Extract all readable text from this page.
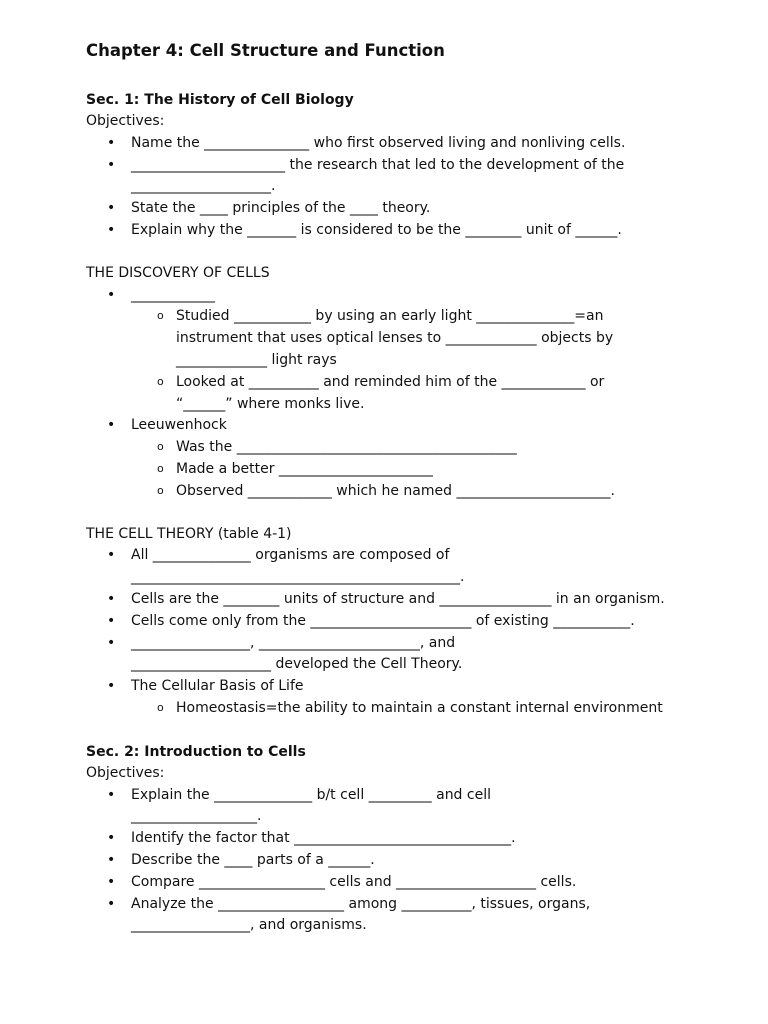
Chapter 4: Cell Structure and Function
Sec. 1: The History of Cell Biology
Objectives:
• Name the _______________ who first observed living and nonliving cells.
• ______________________ the research that led to the development of the ____________________.
• State the ____ principles of the ____ theory.
• Explain why the _______ is considered to be the ________ unit of ______.
THE DISCOVERY OF CELLS
• ____________
o Studied ___________ by using an early light ______________=an instrument that uses optical lenses to _____________ objects by _____________ light rays
o Looked at __________ and reminded him of the ____________ or “______” where monks live.
• Leeuwenhock
o Was the ________________________________________
o Made a better ______________________
o Observed ____________ which he named ______________________.
THE CELL THEORY (table 4-1)
• All ______________ organisms are composed of _______________________________________________.
• Cells are the ________ units of structure and ________________ in an organism.
• Cells come only from the _______________________ of existing ___________.
• _________________, _______________________, and ____________________ developed the Cell Theory.
• The Cellular Basis of Life
o Homeostasis=the ability to maintain a constant internal environment
Sec. 2: Introduction to Cells
Objectives:
• Explain the ______________ b/t cell _________ and cell __________________.
• Identify the factor that _______________________________.
• Describe the ____ parts of a ______.
• Compare __________________ cells and ____________________ cells.
• Analyze the __________________ among __________, tissues, organs, _________________, and organisms.
